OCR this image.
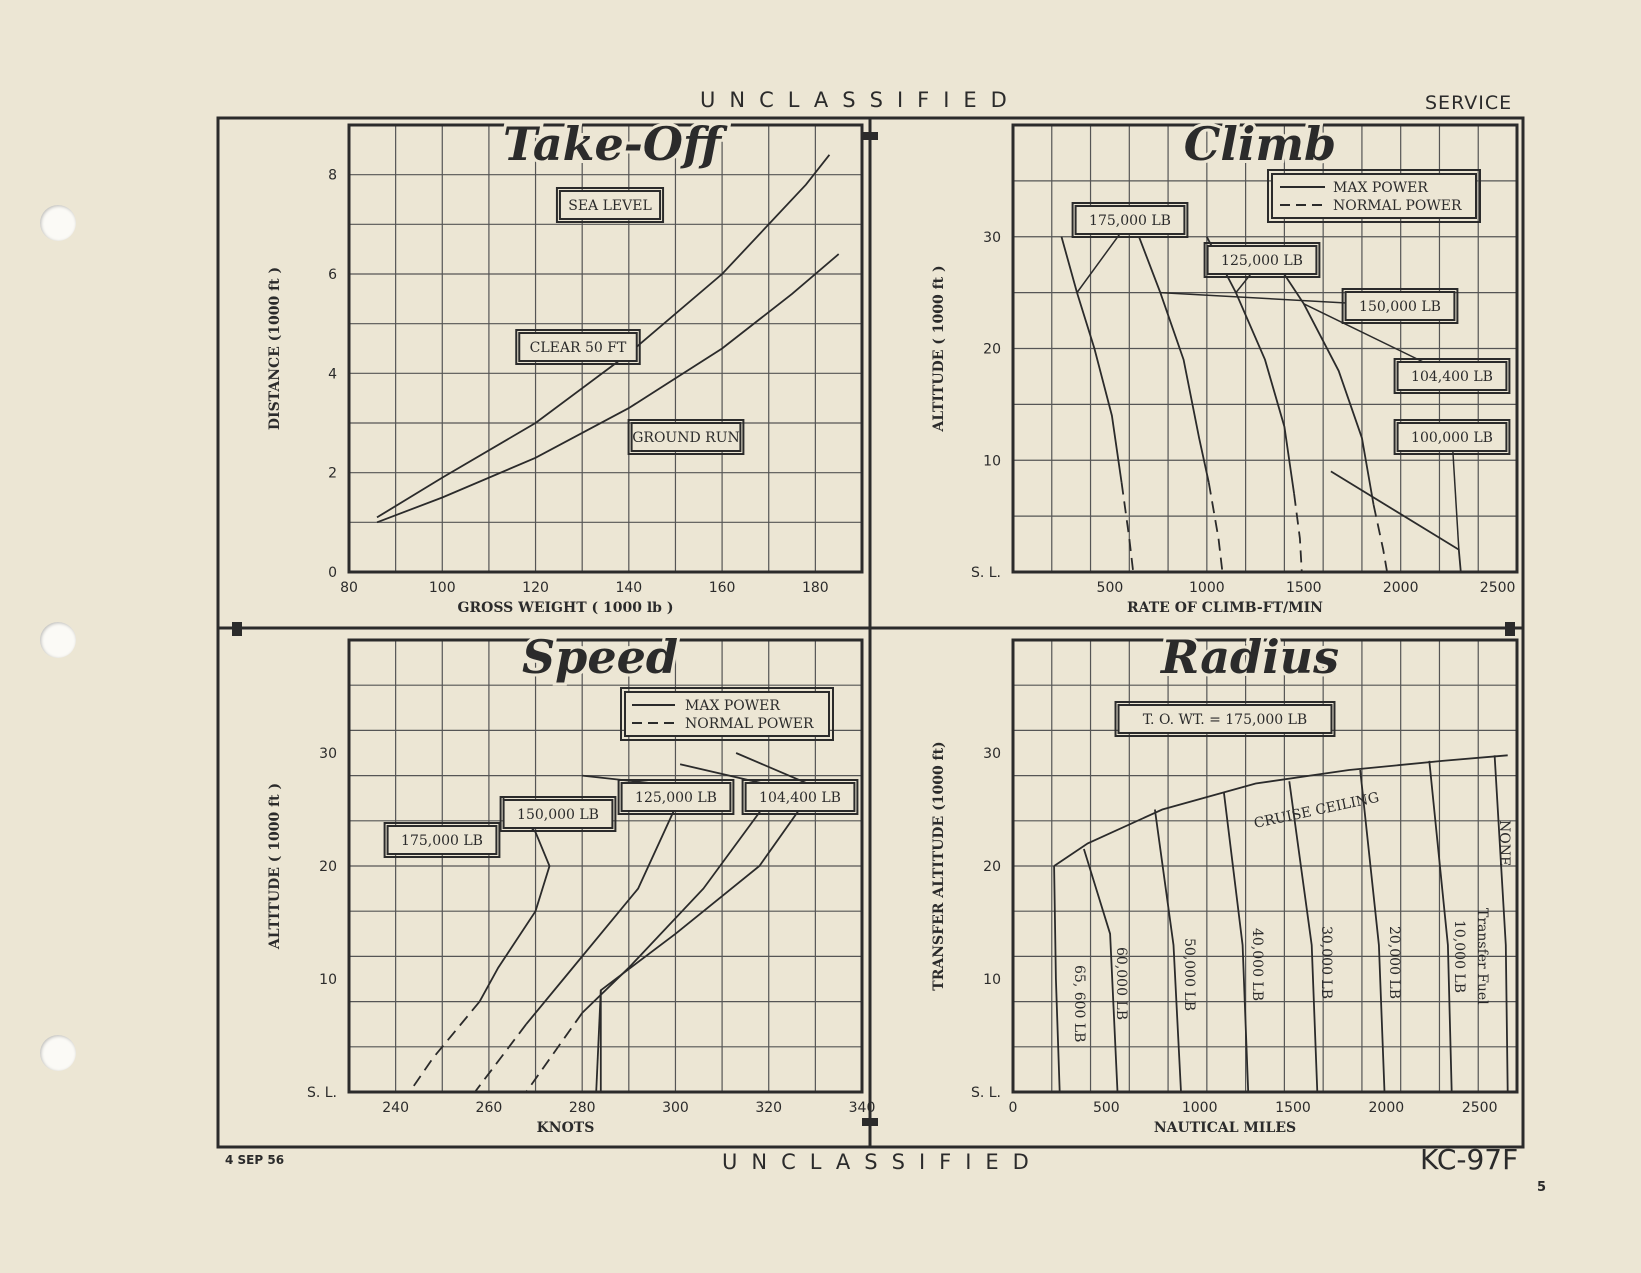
UNCLASSIFIED	SERVICE
80	100	120	140	160	180
0
2
4
6
8
GROSS WEIGHT ( 1000 lb )
DISTANCE (1000 ft )
Take-Off
SEA LEVEL
CLEAR 50 FT
GROUND RUN
500	1000	1500	2000	2500
S. L.
10
20
30
RATE OF CLIMB-FT/MIN
ALTITUDE ( 1000 ft )
Climb
MAX POWER
NORMAL POWER
175,000 LB
125,000 LB
150,000 LB
104,400 LB
100,000 LB
240	260	280	300	320	340
S. L.
10
20
30
KNOTS
ALTITUDE ( 1000 ft )
Speed
MAX POWER
NORMAL POWER
175,000 LB
150,000 LB
125,000 LB	104,400 LB
0	500	1000	1500	2000	2500
S. L.
10
20
30
NAUTICAL MILES
TRANSFER ALTITUDE (1000 ft)
Radius
T. O. WT. = 175,000 LB
CRUISE CEILING
65, 600 LB 60,000 LB	50,000 LB	40,000 LB	30,000 LB	20,000 LB	10,000 LB
NONE
Transfer Fuel
4 SEP 56	UNCLASSIFIED	KC-97F
5
